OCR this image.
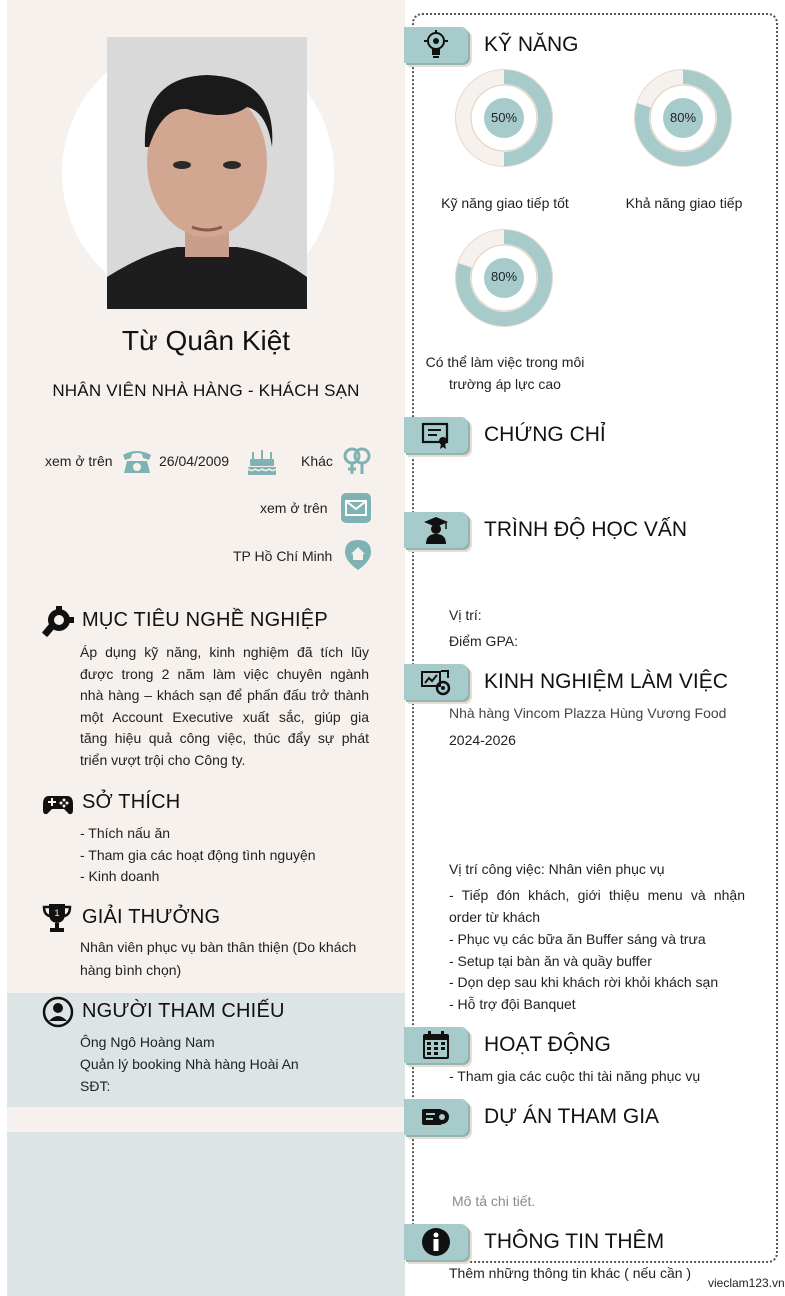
Từ Quân Kiệt
NHÂN VIÊN NHÀ HÀNG - KHÁCH SẠN
xem ở trên	26/04/2009	Khác
xem ở trên
TP Hồ Chí Minh
MỤC TIÊU NGHỀ NGHIỆP
Áp dụng kỹ năng, kinh nghiệm đã tích lũy
được trong 2 năm làm việc chuyên ngành
nhà hàng – khách sạn để phấn đấu trở thành
một Account Executive xuất sắc, giúp gia
tăng hiệu quả công việc, thúc đẩy sự phát
triển vượt trội cho Công ty.
SỞ THÍCH
- Thích nấu ăn
- Tham gia các hoạt động tình nguyện
- Kinh doanh
1 GIẢI THƯỞNG
Nhân viên phục vụ bàn thân thiện (Do khách
hàng bình chọn)
NGƯỜI THAM CHIẾU
Ông Ngô Hoàng Nam
Quản lý booking Nhà hàng Hoài An
SĐT:
KỸ NĂNG
50%
Kỹ năng giao tiếp tốt
80%
Khả năng giao tiếp
80%
Có thể làm việc trong môi
trường áp lực cao
CHỨNG CHỈ
TRÌNH ĐỘ HỌC VẤN
Vị trí:
Điểm GPA:
KINH NGHIỆM LÀM VIỆC
Nhà hàng Vincom Plazza Hùng Vương Food
2024-2026
Vị trí công việc: Nhân viên phục vụ
- Tiếp đón khách, giới thiệu menu và nhận
order từ khách
- Phục vụ các bữa ăn Buffer sáng và trưa
- Setup tại bàn ăn và quầy buffer
- Dọn dẹp sau khi khách rời khỏi khách sạn
- Hỗ trợ đội Banquet
HOẠT ĐỘNG
- Tham gia các cuộc thi tài năng phục vụ
DỰ ÁN THAM GIA
Mô tả chi tiết.
THÔNG TIN THÊM
Thêm những thông tin khác ( nếu cần )
vieclam123.vn
